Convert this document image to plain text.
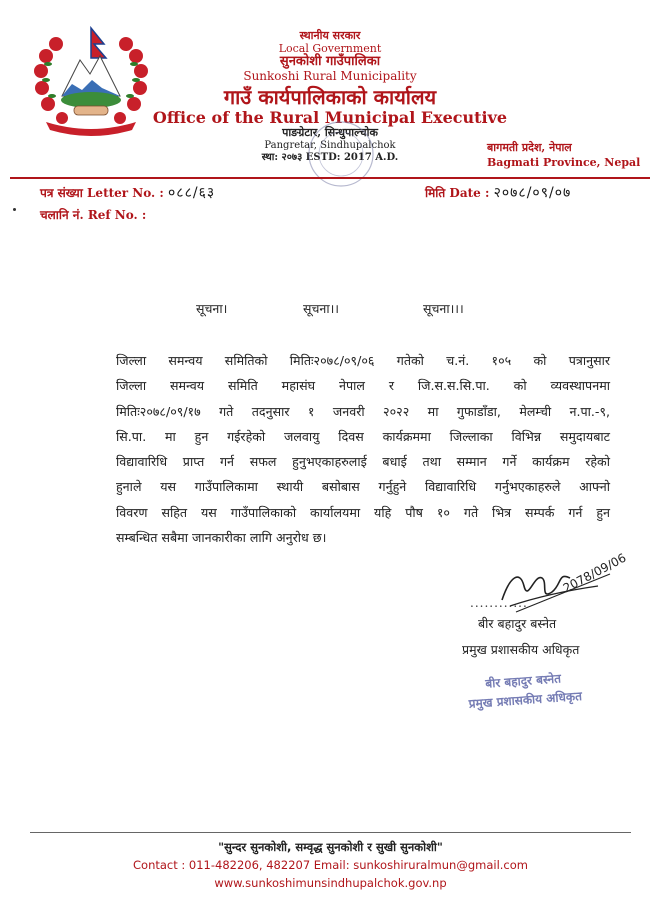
स्थानीय सरकार
Local Government
सुनकोशी गाउँपालिका
Sunkoshi Rural Municipality
गाउँ कार्यपालिकाको कार्यालय
Office of the Rural Municipal Executive
पाङग्रेटार, सिन्धुपाल्चोक
Pangretar, Sindhupalchok
स्था: २०७३ ESTD: 2017 A.D.
बागमती प्रदेश, नेपाल
Bagmati Province, Nepal
पत्र संख्या Letter No. : ०८८/६३	मिति Date : २०७८/०९/०७
चलानि नं. Ref No. :
सूचना।	सूचना।।	सूचना।।।
जिल्ला समन्वय समितिको मितिः२०७८/०९/०६ गतेको च.नं. १०५ को पत्रानुसार
जिल्ला समन्वय समिति महासंघ नेपाल र जि.स.स.सि.पा. को व्यवस्थापनमा
मितिः२०७८/०९/१७ गते तदनुसार १ जनवरी २०२२ मा गुफाडाँडा, मेलम्ची न.पा.-९,
सि.पा. मा हुन गईरहेको जलवायु दिवस कार्यक्रममा जिल्लाका विभिन्न समुदायबाट
विद्यावारिधि प्राप्त गर्न सफल हुनुभएकाहरुलाई बधाई तथा सम्मान गर्ने कार्यक्रम रहेको
हुनाले यस गाउँपालिकामा स्थायी बसोबास गर्नुहुने विद्यावारिधि गर्नुभएकाहरुले आफ्नो
विवरण सहित यस गाउँपालिकाको कार्यालयमा यहि पौष १० गते भित्र सम्पर्क गर्न हुन
सम्बन्धित सबैमा जानकारीका लागि अनुरोध छ।
2078/09/06
............
बीर बहादुर बस्नेत
प्रमुख प्रशासकीय अधिकृत
बीर बहादुर बस्नेत
प्रमुख प्रशासकीय अधिकृत
"सुन्दर सुनकोशी, सम्वृद्ध सुनकोशी र सुखी सुनकोशी"
Contact : 011-482206, 482207 Email: sunkoshiruralmun@gmail.com
www.sunkoshimunsindhupalchok.gov.np
